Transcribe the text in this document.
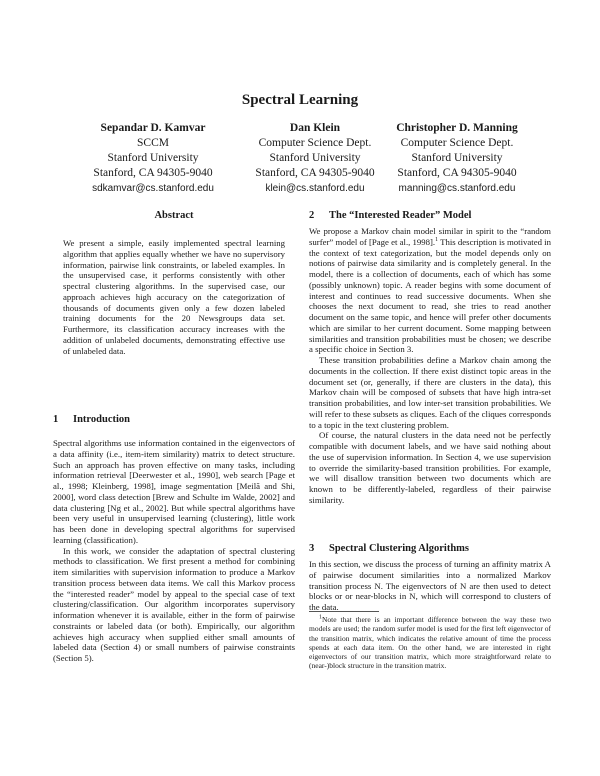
Spectral Learning
Sepandar D. Kamvar
SCCM
Stanford University
Stanford, CA 94305-9040
sdkamvar@cs.stanford.edu
Dan Klein
Computer Science Dept.
Stanford University
Stanford, CA 94305-9040
klein@cs.stanford.edu
Christopher D. Manning
Computer Science Dept.
Stanford University
Stanford, CA 94305-9040
manning@cs.stanford.edu
Abstract

We present a simple, easily implemented spectral learning algorithm that applies equally whether we have no supervisory information, pairwise link constraints, or labeled examples. In the unsupervised case, it performs consistently with other spectral clustering algorithms. In the supervised case, our approach achieves high accuracy on the categorization of thousands of documents given only a few dozen labeled training documents for the 20 Newsgroups data set. Furthermore, its classification accuracy increases with the addition of unlabeled documents, demonstrating effective use of unlabeled data.

1 Introduction

Spectral algorithms use information contained in the eigenvectors of a data affinity (i.e., item-item similarity) matrix to detect structure. Such an approach has proven effective on many tasks, including information retrieval [Deerwester et al., 1990], web search [Page et al., 1998; Kleinberg, 1998], image segmentation [Meilă and Shi, 2000], word class detection [Brew and Schulte im Walde, 2002] and data clustering [Ng et al., 2002]. But while spectral algorithms have been very useful in unsupervised learning (clustering), little work has been done in developing spectral algorithms for supervised learning (classification).

In this work, we consider the adaptation of spectral clustering methods to classification. We first present a method for combining item similarities with supervision information to produce a Markov transition process between data items. We call this Markov process the “interested reader” model by appeal to the special case of text clustering/classification. Our algorithm incorporates supervisory information whenever it is available, either in the form of pairwise constraints or labeled data (or both). Empirically, our algorithm achieves high accuracy when supplied either small amounts of labeled data (Section 4) or small numbers of pairwise constraints (Section 5).

2 The “Interested Reader” Model

We propose a Markov chain model similar in spirit to the “random surfer” model of [Page et al., 1998].$^1$ This description is motivated in the context of text categorization, but the model depends only on notions of pairwise data similarity and is completely general. In the model, there is a collection of documents, each of which has some (possibly unknown) topic. A reader begins with some document of interest and continues to read successive documents. When she chooses the next document to read, she tries to read another document on the same topic, and hence will prefer other documents which are similar to her current document. Some mapping between similarities and transition probabilities must be chosen; we describe a specific choice in Section 3.

These transition probabilities define a Markov chain among the documents in the collection. If there exist distinct topic areas in the document set (or, generally, if there are clusters in the data), this Markov chain will be composed of subsets that have high intra-set transition probabilities, and low inter-set transition probabilities. We will refer to these subsets as cliques. Each of the cliques corresponds to a topic in the text clustering problem.

Of course, the natural clusters in the data need not be perfectly compatible with document labels, and we have said nothing about the use of supervision information. In Section 4, we use supervision to override the similarity-based transition probilities. For example, we will disallow transition between two documents which are known to be differently-labeled, regardless of their pairwise similarity.

3 Spectral Clustering Algorithms

In this section, we discuss the process of turning an affinity matrix A of pairwise document similarities into a normalized Markov transition process N. The eigenvectors of N are then used to detect blocks or or near-blocks in N, which will correspond to clusters of the data.

$^1$Note that there is an important difference between the way these two models are used; the random surfer model is used for the first left eigenvector of the transition matrix, which indicates the relative amount of time the process spends at each data item. On the other hand, we are interested in right eigenvectors of our transition matrix, which more straightforward relate to (near-)block structure in the transition matrix.
